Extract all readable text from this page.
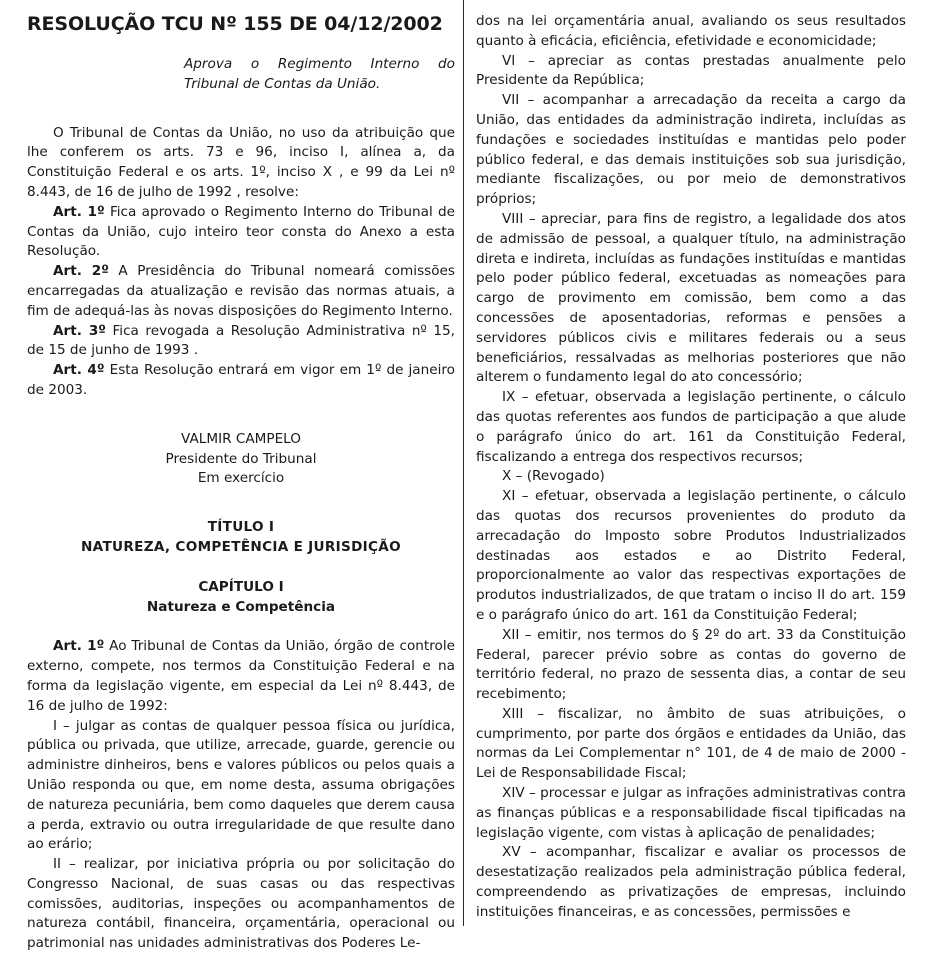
RESOLUÇÃO TCU Nº 155 DE 04/12/2002

Aprova o Regimento Interno do Tribunal de Contas da União.

O Tribunal de Contas da União, no uso da atribuição que lhe conferem os arts. 73 e 96, inciso I, alínea a, da Constituição Federal e os arts. 1º, inciso X , e 99 da Lei nº 8.443, de 16 de julho de 1992 , resolve:

Art. 1º Fica aprovado o Regimento Interno do Tribunal de Contas da União, cujo inteiro teor consta do Anexo a esta Resolução.

Art. 2º A Presidência do Tribunal nomeará comissões encarregadas da atualização e revisão das normas atuais, a fim de adequá-las às novas disposições do Regimento Interno.

Art. 3º Fica revogada a Resolução Administrativa nº 15, de 15 de junho de 1993 .

Art. 4º Esta Resolução entrará em vigor em 1º de janeiro de 2003.

VALMIR CAMPELO

Presidente do Tribunal

Em exercício

TÍTULO I

NATUREZA, COMPETÊNCIA E JURISDIÇÃO

CAPÍTULO I

Natureza e Competência

Art. 1º Ao Tribunal de Contas da União, órgão de controle externo, compete, nos termos da Constituição Federal e na forma da legislação vigente, em especial da Lei nº 8.443, de 16 de julho de 1992:

I – julgar as contas de qualquer pessoa física ou jurídica, pública ou privada, que utilize, arrecade, guarde, gerencie ou administre dinheiros, bens e valores públicos ou pelos quais a União responda ou que, em nome desta, assuma obrigações de natureza pecuniária, bem como daqueles que derem causa a perda, extravio ou outra irregularidade de que resulte dano ao erário;

II – realizar, por iniciativa própria ou por solicitação do Congresso Nacional, de suas casas ou das respectivas comissões, auditorias, inspeções ou acompanhamentos de natureza contábil, financeira, orçamentária, operacional ou patrimonial nas unidades administrativas dos Poderes Le-

dos na lei orçamentária anual, avaliando os seus resultados quanto à eficácia, eficiência, efetividade e economicidade;

VI – apreciar as contas prestadas anualmente pelo Presidente da República;

VII – acompanhar a arrecadação da receita a cargo da União, das entidades da administração indireta, incluídas as fundações e sociedades instituídas e mantidas pelo poder público federal, e das demais instituições sob sua jurisdição, mediante fiscalizações, ou por meio de demonstrativos próprios;

VIII – apreciar, para fins de registro, a legalidade dos atos de admissão de pessoal, a qualquer título, na administração direta e indireta, incluídas as fundações instituídas e mantidas pelo poder público federal, excetuadas as nomeações para cargo de provimento em comissão, bem como a das concessões de aposentadorias, reformas e pensões a servidores públicos civis e militares federais ou a seus beneficiários, ressalvadas as melhorias posteriores que não alterem o fundamento legal do ato concessório;

IX – efetuar, observada a legislação pertinente, o cálculo das quotas referentes aos fundos de participação a que alude o parágrafo único do art. 161 da Constituição Federal, fiscalizando a entrega dos respectivos recursos;

X – (Revogado)

XI – efetuar, observada a legislação pertinente, o cálculo das quotas dos recursos provenientes do produto da arrecadação do Imposto sobre Produtos Industrializados destinadas aos estados e ao Distrito Federal, proporcionalmente ao valor das respectivas exportações de produtos industrializados, de que tratam o inciso II do art. 159 e o parágrafo único do art. 161 da Constituição Federal;

XII – emitir, nos termos do § 2º do art. 33 da Constituição Federal, parecer prévio sobre as contas do governo de território federal, no prazo de sessenta dias, a contar de seu recebimento;

XIII – fiscalizar, no âmbito de suas atribuições, o cumprimento, por parte dos órgãos e entidades da União, das normas da Lei Complementar n° 101, de 4 de maio de 2000 - Lei de Responsabilidade Fiscal;

XIV – processar e julgar as infrações administrativas contra as finanças públicas e a responsabilidade fiscal tipificadas na legislação vigente, com vistas à aplicação de penalidades;

XV – acompanhar, fiscalizar e avaliar os processos de desestatização realizados pela administração pública federal, compreendendo as privatizações de empresas, incluindo instituições financeiras, e as concessões, permissões e
